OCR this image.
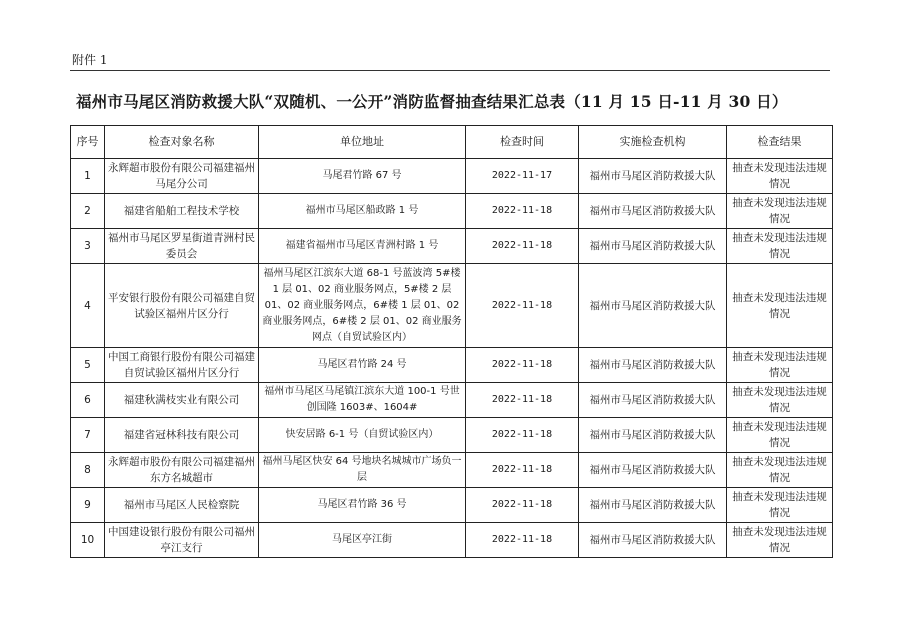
附件 1
福州市马尾区消防救援大队“双随机、一公开”消防监督抽查结果汇总表（11 月 15 日-11 月 30 日）
序号	检查对象名称	单位地址	检查时间	实施检查机构	检查结果
1	永辉超市股份有限公司福建福州马尾分公司	马尾君竹路 67 号	2022-11-17	福州市马尾区消防救援大队	抽查未发现违法违规情况
2	福建省船舶工程技术学校	福州市马尾区船政路 1 号	2022-11-18	福州市马尾区消防救援大队	抽查未发现违法违规情况
3	福州市马尾区罗星街道青洲村民委员会	福建省福州市马尾区青洲村路 1 号	2022-11-18	福州市马尾区消防救援大队	抽查未发现违法违规情况
4	平安银行股份有限公司福建自贸试验区福州片区分行	福州马尾区江滨东大道 68-1 号蓝波湾 5#楼 1 层 01、02 商业服务网点，5#楼 2 层 01、02 商业服务网点，6#楼 1 层 01、02 商业服务网点，6#楼 2 层 01、02 商业服务网点（自贸试验区内）	2022-11-18	福州市马尾区消防救援大队	抽查未发现违法违规情况
5	中国工商银行股份有限公司福建自贸试验区福州片区分行	马尾区君竹路 24 号	2022-11-18	福州市马尾区消防救援大队	抽查未发现违法违规情况
6	福建秋满枝实业有限公司	福州市马尾区马尾镇江滨东大道 100-1 号世创国隆 1603#、1604#	2022-11-18	福州市马尾区消防救援大队	抽查未发现违法违规情况
7	福建省冠林科技有限公司	快安居路 6-1 号（自贸试验区内）	2022-11-18	福州市马尾区消防救援大队	抽查未发现违法违规情况
8	永辉超市股份有限公司福建福州东方名城超市	福州马尾区快安 64 号地块名城城市广场负一层	2022-11-18	福州市马尾区消防救援大队	抽查未发现违法违规情况
9	福州市马尾区人民检察院	马尾区君竹路 36 号	2022-11-18	福州市马尾区消防救援大队	抽查未发现违法违规情况
10	中国建设银行股份有限公司福州亭江支行	马尾区亭江街	2022-11-18	福州市马尾区消防救援大队	抽查未发现违法违规情况
